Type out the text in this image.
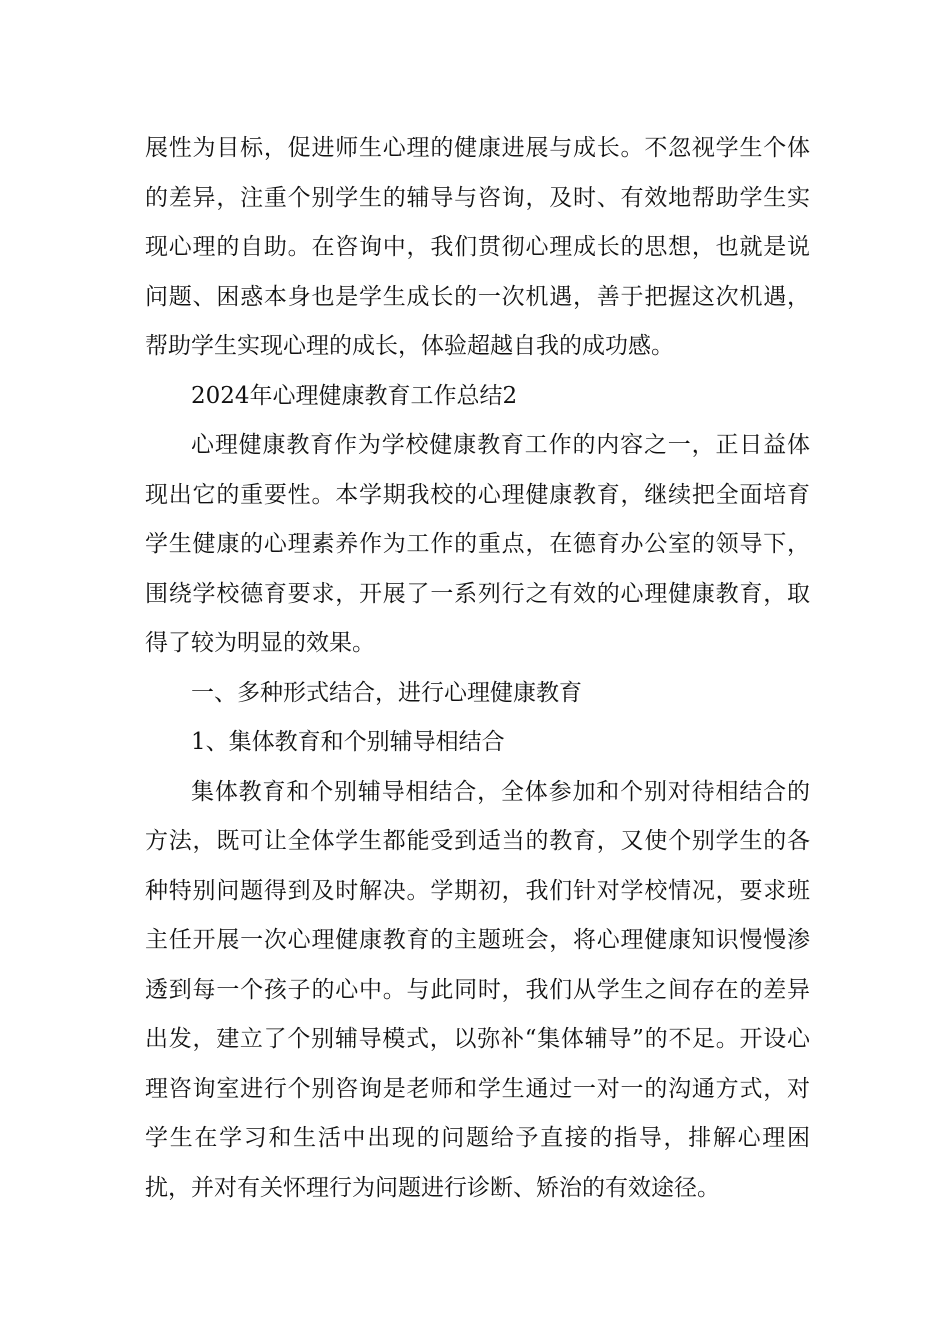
展性为目标，促进师生心理的健康进展与成长。不忽视学生个体的差异，注重个别学生的辅导与咨询，及时、有效地帮助学生实现心理的自助。在咨询中，我们贯彻心理成长的思想，也就是说问题、困惑本身也是学生成长的一次机遇，善于把握这次机遇，帮助学生实现心理的成长，体验超越自我的成功感。

2024年心理健康教育工作总结2

心理健康教育作为学校健康教育工作的内容之一，正日益体现出它的重要性。本学期我校的心理健康教育，继续把全面培育学生健康的心理素养作为工作的重点，在德育办公室的领导下，围绕学校德育要求，开展了一系列行之有效的心理健康教育，取得了较为明显的效果。

一、多种形式结合，进行心理健康教育

1、集体教育和个别辅导相结合

集体教育和个别辅导相结合，全体参加和个别对待相结合的方法，既可让全体学生都能受到适当的教育，又使个别学生的各种特别问题得到及时解决。学期初，我们针对学校情况，要求班主任开展一次心理健康教育的主题班会，将心理健康知识慢慢渗透到每一个孩子的心中。与此同时，我们从学生之间存在的差异出发，建立了个别辅导模式，以弥补“集体辅导”的不足。开设心理咨询室进行个别咨询是老师和学生通过一对一的沟通方式，对学生在学习和生活中出现的问题给予直接的指导，排解心理困扰，并对有关怀理行为问题进行诊断、矫治的有效途径。
